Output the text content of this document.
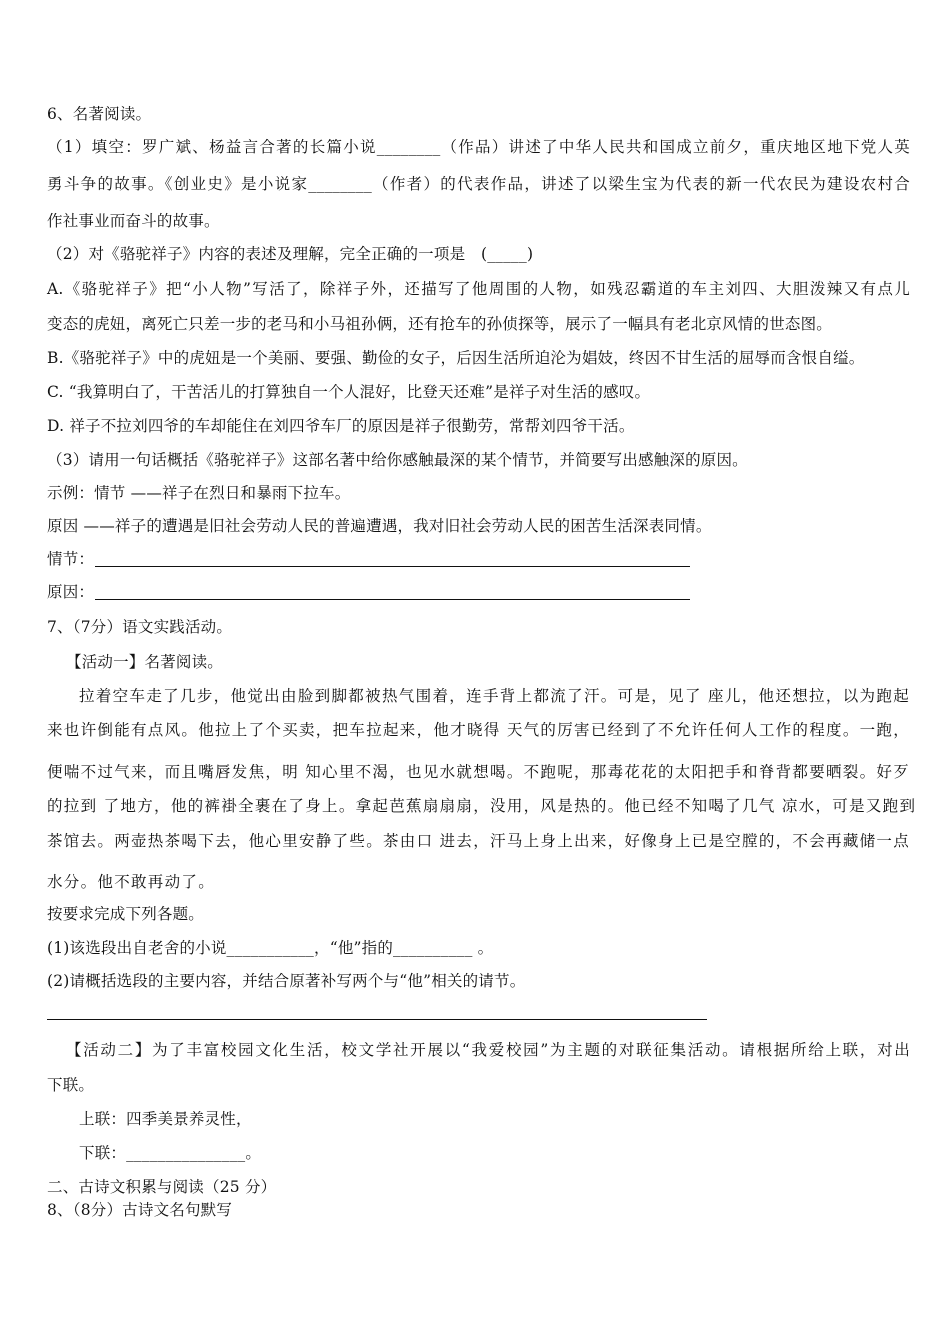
6、名著阅读。
（1）填空：罗广斌、杨益言合著的长篇小说________（作品）讲述了中华人民共和国成立前夕，重庆地区地下党人英
勇斗争的故事。《创业史》是小说家________（作者）的代表作品，讲述了以梁生宝为代表的新一代农民为建设农村合
作社事业而奋斗的故事。
（2）对《骆驼祥子》内容的表述及理解，完全正确的一项是　(_____)
A.《骆驼祥子》把“小人物”写活了，除祥子外，还描写了他周围的人物，如残忍霸道的车主刘四、大胆泼辣又有点儿
变态的虎妞，离死亡只差一步的老马和小马祖孙俩，还有抢车的孙侦探等，展示了一幅具有老北京风情的世态图。
B.《骆驼祥子》中的虎妞是一个美丽、要强、勤俭的女子，后因生活所迫沦为娼妓，终因不甘生活的屈辱而含恨自缢。
C. “我算明白了，干苦活儿的打算独自一个人混好，比登天还难”是祥子对生活的感叹。
D. 祥子不拉刘四爷的车却能住在刘四爷车厂的原因是祥子很勤劳，常帮刘四爷干活。
（3）请用一句话概括《骆驼祥子》这部名著中给你感触最深的某个情节，并简要写出感触深的原因。
示例：情节 ——祥子在烈日和暴雨下拉车。
原因 ——祥子的遭遇是旧社会劳动人民的普遍遭遇，我对旧社会劳动人民的困苦生活深表同情。
情节：
原因：
7、（7分）语文实践活动。
【活动一】名著阅读。
拉着空车走了几步，他觉出由脸到脚都被热气围着，连手背上都流了汗。可是，见了 座儿，他还想拉，以为跑起
来也许倒能有点风。他拉上了个买卖，把车拉起来，他才晓得 天气的厉害已经到了不允许任何人工作的程度。一跑，
便喘不过气来，而且嘴唇发焦，明 知心里不渴，也见水就想喝。不跑呢，那毒花花的太阳把手和脊背都要晒裂。好歹
的拉到 了地方，他的裤褂全裹在了身上。拿起芭蕉扇扇扇，没用，风是热的。他已经不知喝了几气 凉水，可是又跑到
茶馆去。两壶热茶喝下去，他心里安静了些。茶由口 进去，汗马上身上出来，好像身上已是空膛的，不会再藏储一点
水分。他不敢再动了。
按要求完成下列各题。
(1)该选段出自老舍的小说___________，“他”指的__________ 。
(2)请概括选段的主要内容，并结合原著补写两个与“他”相关的请节。
【活动二】为了丰富校园文化生活，校文学社开展以“我爱校园”为主题的对联征集活动。请根据所给上联，对出
下联。
上联：四季美景养灵性，
下联：_______________。
二、古诗文积累与阅读（25 分）
8、（8分）古诗文名句默写
